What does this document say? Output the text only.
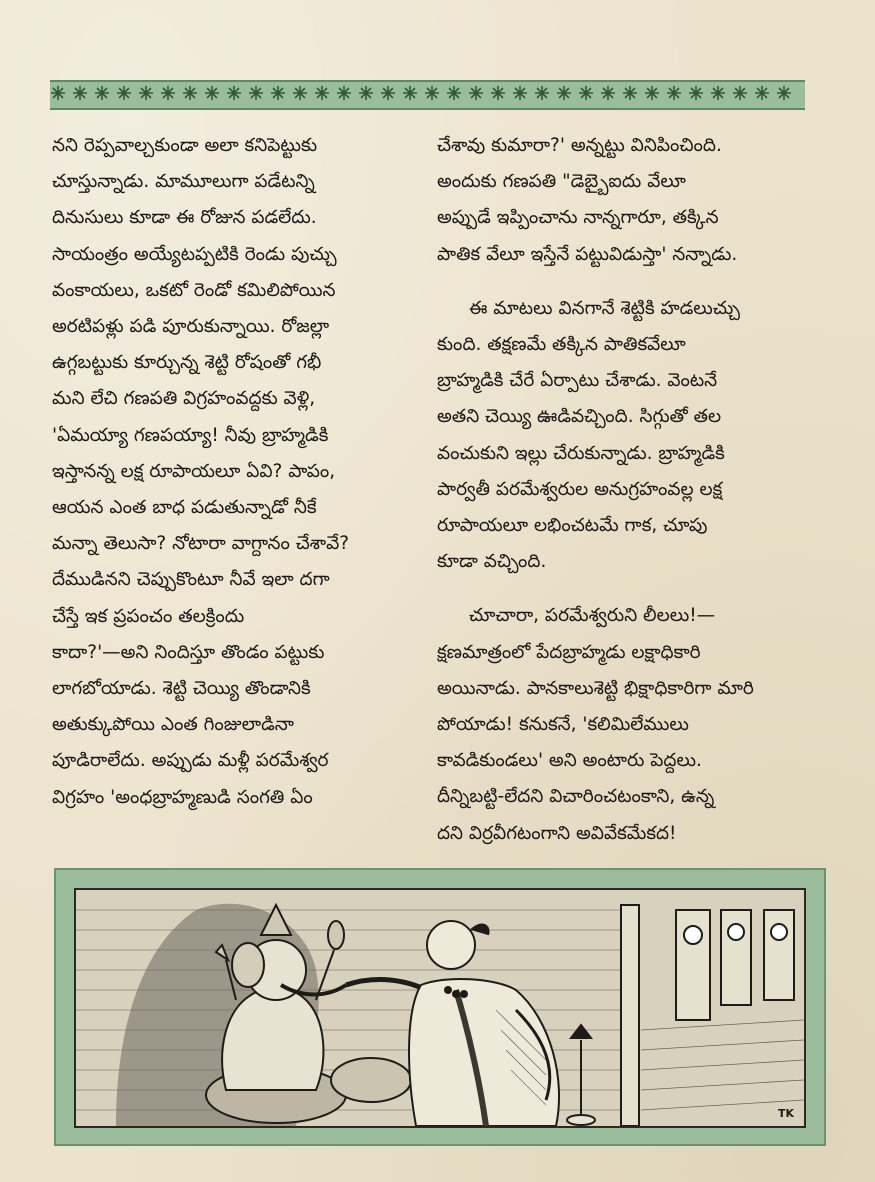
నని రెప్పవాల్చకుండా అలా కనిపెట్టుకు
చూస్తున్నాడు. మామూలుగా పడేటన్ని
దినుసులు కూడా ఈ రోజున పడలేదు.
సాయంత్రం అయ్యేటప్పటికి రెండు పుచ్చు
వంకాయలు, ఒకటో రెండో కమిలిపోయిన
అరటిపళ్లు పడి పూరుకున్నాయి. రోజల్లా
ఉగ్గబట్టుకు కూర్చున్న శెట్టి రోషంతో గభీ
మని లేచి గణపతి విగ్రహంవద్దకు వెళ్లి,
'ఏమయ్యా గణపయ్యా! నీవు బ్రాహ్మడికి
ఇస్తానన్న లక్ష రూపాయలూ ఏవి? పాపం,
ఆయన ఎంత బాధ పడుతున్నాడో నీకే
మన్నా తెలుసా? నోటారా వాగ్దానం చేశావే?
దేముడినని చెప్పుకొంటూ నీవే ఇలా దగా
చేస్తే ఇక ప్రపంచం తలక్రిందు
కాదా?'—అని నిందిస్తూ తొండం పట్టుకు
లాగబోయాడు. శెట్టి చెయ్యి తొండానికి
అతుక్కుపోయి ఎంత గింజులాడినా
పూడిరాలేదు. అప్పుడు మళ్లీ పరమేశ్వర
విగ్రహం 'అంధబ్రాహ్మణుడి సంగతి ఏం

చేశావు కుమారా?' అన్నట్టు వినిపించింది.
అందుకు గణపతి "డెబ్బైఐదు వేలూ
అప్పుడే ఇప్పించాను నాన్నగారూ, తక్కిన
పాతిక వేలూ ఇస్తేనే పట్టువిడుస్తా' నన్నాడు.

ఈ మాటలు వినగానే శెట్టికి హడలుచ్చు
కుంది. తక్షణమే తక్కిన పాతికవేలూ
బ్రాహ్మడికి చేరే ఏర్పాటు చేశాడు. వెంటనే
అతని చెయ్యి ఊడివచ్చింది. సిగ్గుతో తల
వంచుకుని ఇల్లు చేరుకున్నాడు. బ్రాహ్మడికి
పార్వతీ పరమేశ్వరుల అనుగ్రహంవల్ల లక్ష
రూపాయలూ లభించటమే గాక, చూపు
కూడా వచ్చింది.

చూచారా, పరమేశ్వరుని లీలలు!—
క్షణమాత్రంలో పేదబ్రాహ్మడు లక్షాధికారి
అయినాడు. పానకాలుశెట్టి భిక్షాధికారిగా మారి
పోయాడు! కనుకనే, 'కలిమిలేములు
కావడికుండలు' అని అంటారు పెద్దలు.
దీన్నిబట్టి-లేదని విచారించటంకాని, ఉన్న
దని విర్రవీగటంగాని అవివేకమేకద!

TK
